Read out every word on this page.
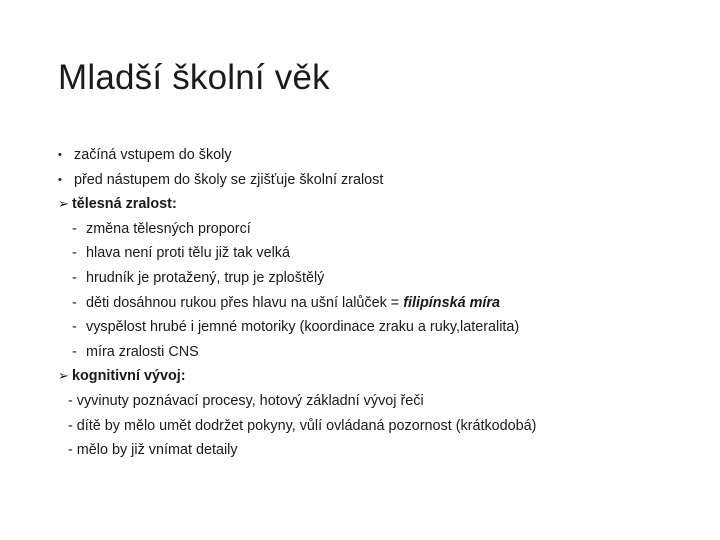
Mladší školní věk
• začíná vstupem do školy
• před nástupem do školy se zjišťuje školní zralost
➢ tělesná zralost:
- změna tělesných proporcí
- hlava není proti tělu již tak velká
- hrudník je protažený, trup je zploštělý
- děti dosáhnou rukou přes hlavu na ušní lalůček = filipínská míra
- vyspělost hrubé i jemné motoriky (koordinace zraku a ruky,lateralita)
- míra zralosti CNS
➢ kognitivní vývoj:
- vyvinuty poznávací procesy, hotový základní vývoj řeči
- dítě by mělo umět dodržet pokyny, vůlí ovládaná pozornost (krátkodobá)
- mělo by již vnímat detaily
